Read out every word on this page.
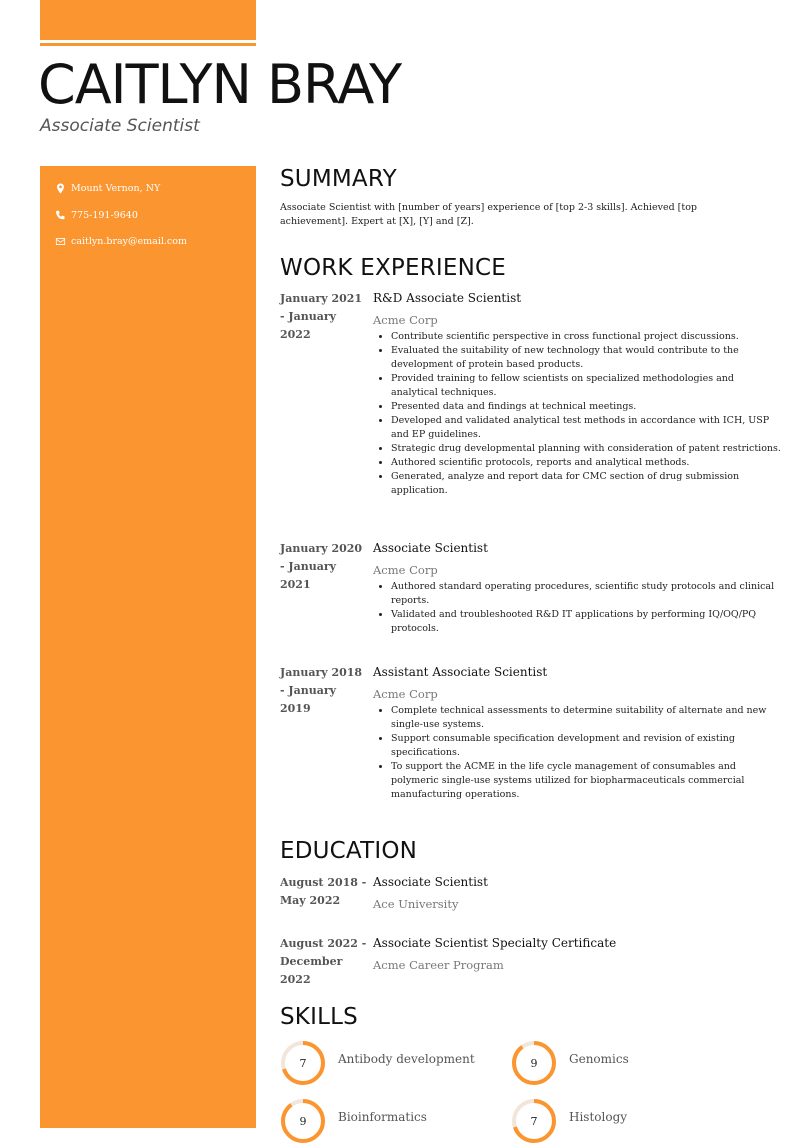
CAITLYN BRAY
Associate Scientist
Mount Vernon, NY
775-191-9640
caitlyn.bray@email.com
SUMMARY
Associate Scientist with [number of years] experience of [top 2-3 skills]. Achieved [top achievement]. Expert at [X], [Y] and [Z].
WORK EXPERIENCE
January 2021 - January 2022
R&D Associate Scientist
Acme Corp
• Contribute scientific perspective in cross functional project discussions.
• Evaluated the suitability of new technology that would contribute to the development of protein based products.
• Provided training to fellow scientists on specialized methodologies and analytical techniques.
• Presented data and findings at technical meetings.
• Developed and validated analytical test methods in accordance with ICH, USP and EP guidelines.
• Strategic drug developmental planning with consideration of patent restrictions.
• Authored scientific protocols, reports and analytical methods.
• Generated, analyze and report data for CMC section of drug submission application.
January 2020 - January 2021
Associate Scientist
Acme Corp
• Authored standard operating procedures, scientific study protocols and clinical reports.
• Validated and troubleshooted R&D IT applications by performing IQ/OQ/PQ protocols.
January 2018 - January 2019
Assistant Associate Scientist
Acme Corp
• Complete technical assessments to determine suitability of alternate and new single-use systems.
• Support consumable specification development and revision of existing specifications.
• To support the ACME in the life cycle management of consumables and polymeric single-use systems utilized for biopharmaceuticals commercial manufacturing operations.
EDUCATION
August 2018 - May 2022
Associate Scientist
Ace University
August 2022 - December 2022
Associate Scientist Specialty Certificate
Acme Career Program
SKILLS
7	Antibody development	9	Genomics
9	Bioinformatics	7	Histology
